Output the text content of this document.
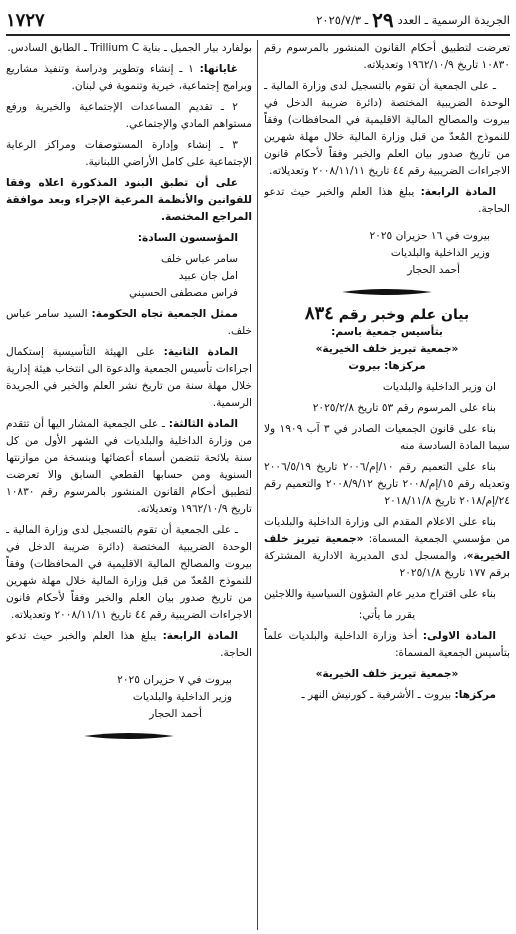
الجريدة الرسمية ـ العدد
٢٩
ـ ٢٠٢٥/٧/٣
١٧٢٧

تعرضت لتطبيق أحكام القانون المنشور بالمرسوم رقم ١٠٨٣٠ تاريخ ١٩٦٢/١٠/٩ وتعديلاته.

ـ على الجمعية أن تقوم بالتسجيل لدى وزارة المالية ـ الوحدة الضريبية المختصة (دائرة ضريبة الدخل في بيروت والمصالح المالية الاقليمية في المحافظات) وفقاً للنموذج المُعدّ من قبل وزارة المالية خلال مهلة شهرين من تاريخ صدور بيان العلم والخبر وفقاً لأحكام قانون الاجراءات الضريبية رقم ٤٤ تاريخ ٢٠٠٨/١١/١١ وتعديلاته.

المادة الرابعة: يبلغ هذا العلم والخبر حيث تدعو الحاجة.

بيروت في ١٦ حزيران ٢٠٢٥

وزير الداخلية والبلديات

أحمد الحجار

بيان علم وخبر رقم ٨٣٤
بتأسيس جمعية باسم:
«جمعية تيريز خلف الخيرية»
مركزها: بيروت

ان وزير الداخلية والبلديات

بناء على المرسوم رقم ٥٣ تاريخ ٢٠٢٥/٢/٨

بناء على قانون الجمعيات الصادر في ٣ آب ١٩٠٩ ولا سيما المادة السادسة منه

بناء على التعميم رقم ١٠/إم/٢٠٠٦ تاريخ ٢٠٠٦/٥/١٩ وتعديله رقم ١٥/إم/٢٠٠٨ تاريخ ٢٠٠٨/٩/١٢ والتعميم رقم ٢٤/إم/٢٠١٨ تاريخ ٢٠١٨/١١/٨

بناء على الاعلام المقدم الى وزارة الداخلية والبلديات من مؤسسي الجمعية المسماة: «جمعية تيريز خلف الخيرية»، والمسجل لدى المديرية الادارية المشتركة برقم ١٧٧ تاريخ ٢٠٢٥/١/٨

بناء على اقتراح مدير عام الشؤون السياسية واللاجئين

يقرر ما يأتي:

المادة الاولى: أخذ وزارة الداخلية والبلديات علماً بتأسيس الجمعية المسماة:

«جمعية تيريز خلف الخيرية»

مركزها: بيروت ـ الأشرفية ـ كورنيش النهر ـ

بولفارد بيار الجميل ـ بناية Trillium C ـ الطابق السادس.

غاياتها: ١ ـ إنشاء وتطوير ودراسة وتنفيذ مشاريع وبرامج إجتماعية، خيرية وتنموية في لبنان.

٢ ـ تقديم المساعدات الإجتماعية والخيرية ورفع مستواهم المادي والإجتماعي.

٣ ـ إنشاء وإدارة المستوصفات ومراكز الرعاية الإجتماعية على كامل الأراضي اللبنانية.

على أن تطبق البنود المذكورة اعلاه وفقا للقوانين والأنظمة المرعية الإجراء وبعد موافقة المراجع المختصة.

المؤسسون السادة:

سامر عباس خلف

امل جان عبيد

فراس مصطفى الحسيني

ممثل الجمعية تجاه الحكومة: السيد سامر عباس خلف.

المادة الثانية: على الهيئة التأسيسية إستكمال اجراءات تأسيس الجمعية والدعوة الى انتخاب هيئة إدارية خلال مهلة سنة من تاريخ نشر العلم والخبر في الجريدة الرسمية.

المادة الثالثة: ـ على الجمعية المشار اليها أن تتقدم من وزارة الداخلية والبلديات في الشهر الأول من كل سنة بلائحة تتضمن أسماء أعضائها وبنسخة من موازنتها السنوية ومن حسابها القطعي السابق والا تعرضت لتطبيق أحكام القانون المنشور بالمرسوم رقم ١٠٨٣٠ تاريخ ١٩٦٢/١٠/٩ وتعديلاته.

ـ على الجمعية أن تقوم بالتسجيل لدى وزارة المالية ـ الوحدة الضريبية المختصة (دائرة ضريبة الدخل في بيروت والمصالح المالية الاقليمية في المحافظات) وفقاً للنموذج المُعدّ من قبل وزارة المالية خلال مهلة شهرين من تاريخ صدور بيان العلم والخبر وفقاً لأحكام قانون الاجراءات الضريبية رقم ٤٤ تاريخ ٢٠٠٨/١١/١١ وتعديلاته.

المادة الرابعة: يبلغ هذا العلم والخبر حيث تدعو الحاجة.

بيروت في ٧ حزيران ٢٠٢٥

وزير الداخلية والبلديات

أحمد الحجار
